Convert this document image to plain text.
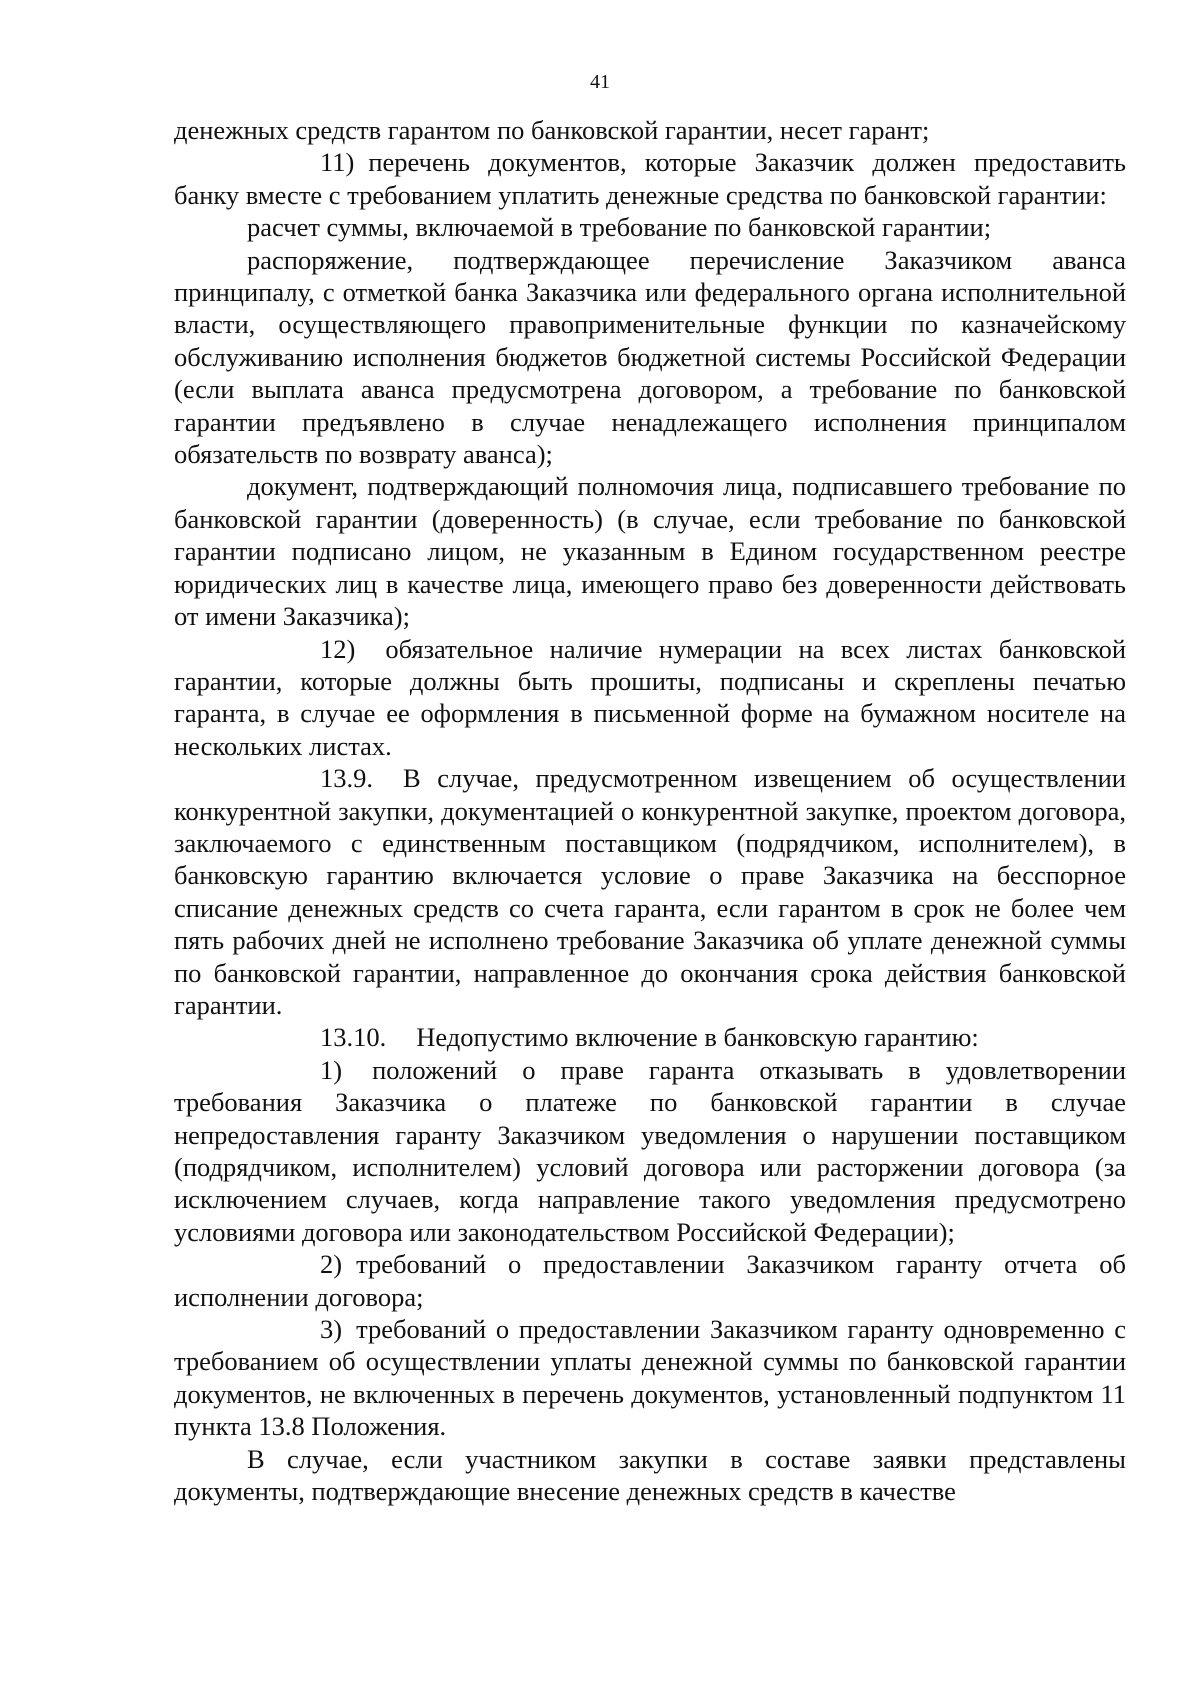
41

денежных средств гарантом по банковской гарантии, несет гарант;

11) перечень документов, которые Заказчик должен предоставить банку вместе с требованием уплатить денежные средства по банковской гарантии:

расчет суммы, включаемой в требование по банковской гарантии;

распоряжение, подтверждающее перечисление Заказчиком аванса принципалу, с отметкой банка Заказчика или федерального органа исполнительной власти, осуществляющего правоприменительные функции по казначейскому обслуживанию исполнения бюджетов бюджетной системы Российской Федерации (если выплата аванса предусмотрена договором, а требование по банковской гарантии предъявлено в случае ненадлежащего исполнения принципалом обязательств по возврату аванса);

документ, подтверждающий полномочия лица, подписавшего требование по банковской гарантии (доверенность) (в случае, если требование по банковской гарантии подписано лицом, не указанным в Едином государственном реестре юридических лиц в качестве лица, имеющего право без доверенности действовать от имени Заказчика);

12) обязательное наличие нумерации на всех листах банковской гарантии, которые должны быть прошиты, подписаны и скреплены печатью гаранта, в случае ее оформления в письменной форме на бумажном носителе на нескольких листах.

13.9. В случае, предусмотренном извещением об осуществлении конкурентной закупки, документацией о конкурентной закупке, проектом договора, заключаемого с единственным поставщиком (подрядчиком, исполнителем), в банковскую гарантию включается условие о праве Заказчика на бесспорное списание денежных средств со счета гаранта, если гарантом в срок не более чем пять рабочих дней не исполнено требование Заказчика об уплате денежной суммы по банковской гарантии, направленное до окончания срока действия банковской гарантии.

13.10. Недопустимо включение в банковскую гарантию:

1) положений о праве гаранта отказывать в удовлетворении требования Заказчика о платеже по банковской гарантии в случае непредоставления гаранту Заказчиком уведомления о нарушении поставщиком (подрядчиком, исполнителем) условий договора или расторжении договора (за исключением случаев, когда направление такого уведомления предусмотрено условиями договора или законодательством Российской Федерации);

2) требований о предоставлении Заказчиком гаранту отчета об исполнении договора;

3) требований о предоставлении Заказчиком гаранту одновременно с требованием об осуществлении уплаты денежной суммы по банковской гарантии документов, не включенных в перечень документов, установленный подпунктом 11 пункта 13.8 Положения.

В случае, если участником закупки в составе заявки представлены документы, подтверждающие внесение денежных средств в качестве
